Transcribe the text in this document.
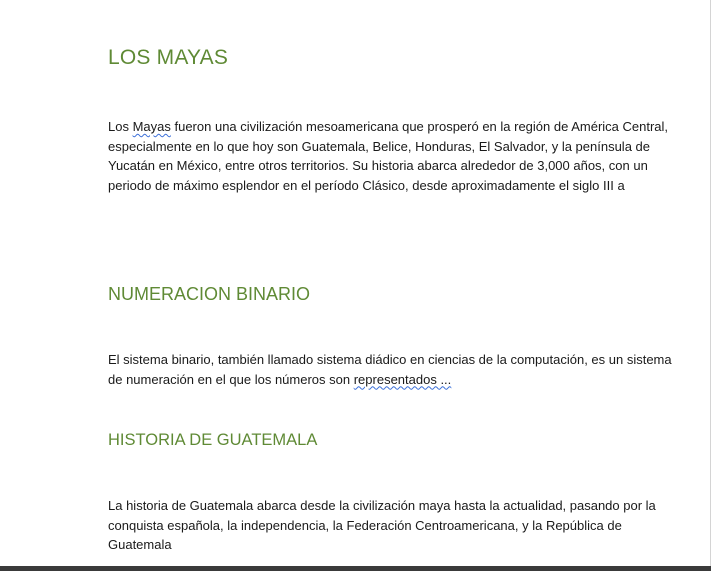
LOS MAYAS

Los Mayas fueron una civilización mesoamericana que prosperó en la región de América Central,
especialmente en lo que hoy son Guatemala, Belice, Honduras, El Salvador, y la península de
Yucatán en México, entre otros territorios. Su historia abarca alrededor de 3,000 años, con un
periodo de máximo esplendor en el período Clásico, desde aproximadamente el siglo III a

NUMERACION BINARIO

El sistema binario, también llamado sistema diádico en ciencias de la computación, es un sistema
de numeración en el que los números son representados ...

HISTORIA DE GUATEMALA

La historia de Guatemala abarca desde la civilización maya hasta la actualidad, pasando por la
conquista española, la independencia, la Federación Centroamericana, y la República de
Guatemala
